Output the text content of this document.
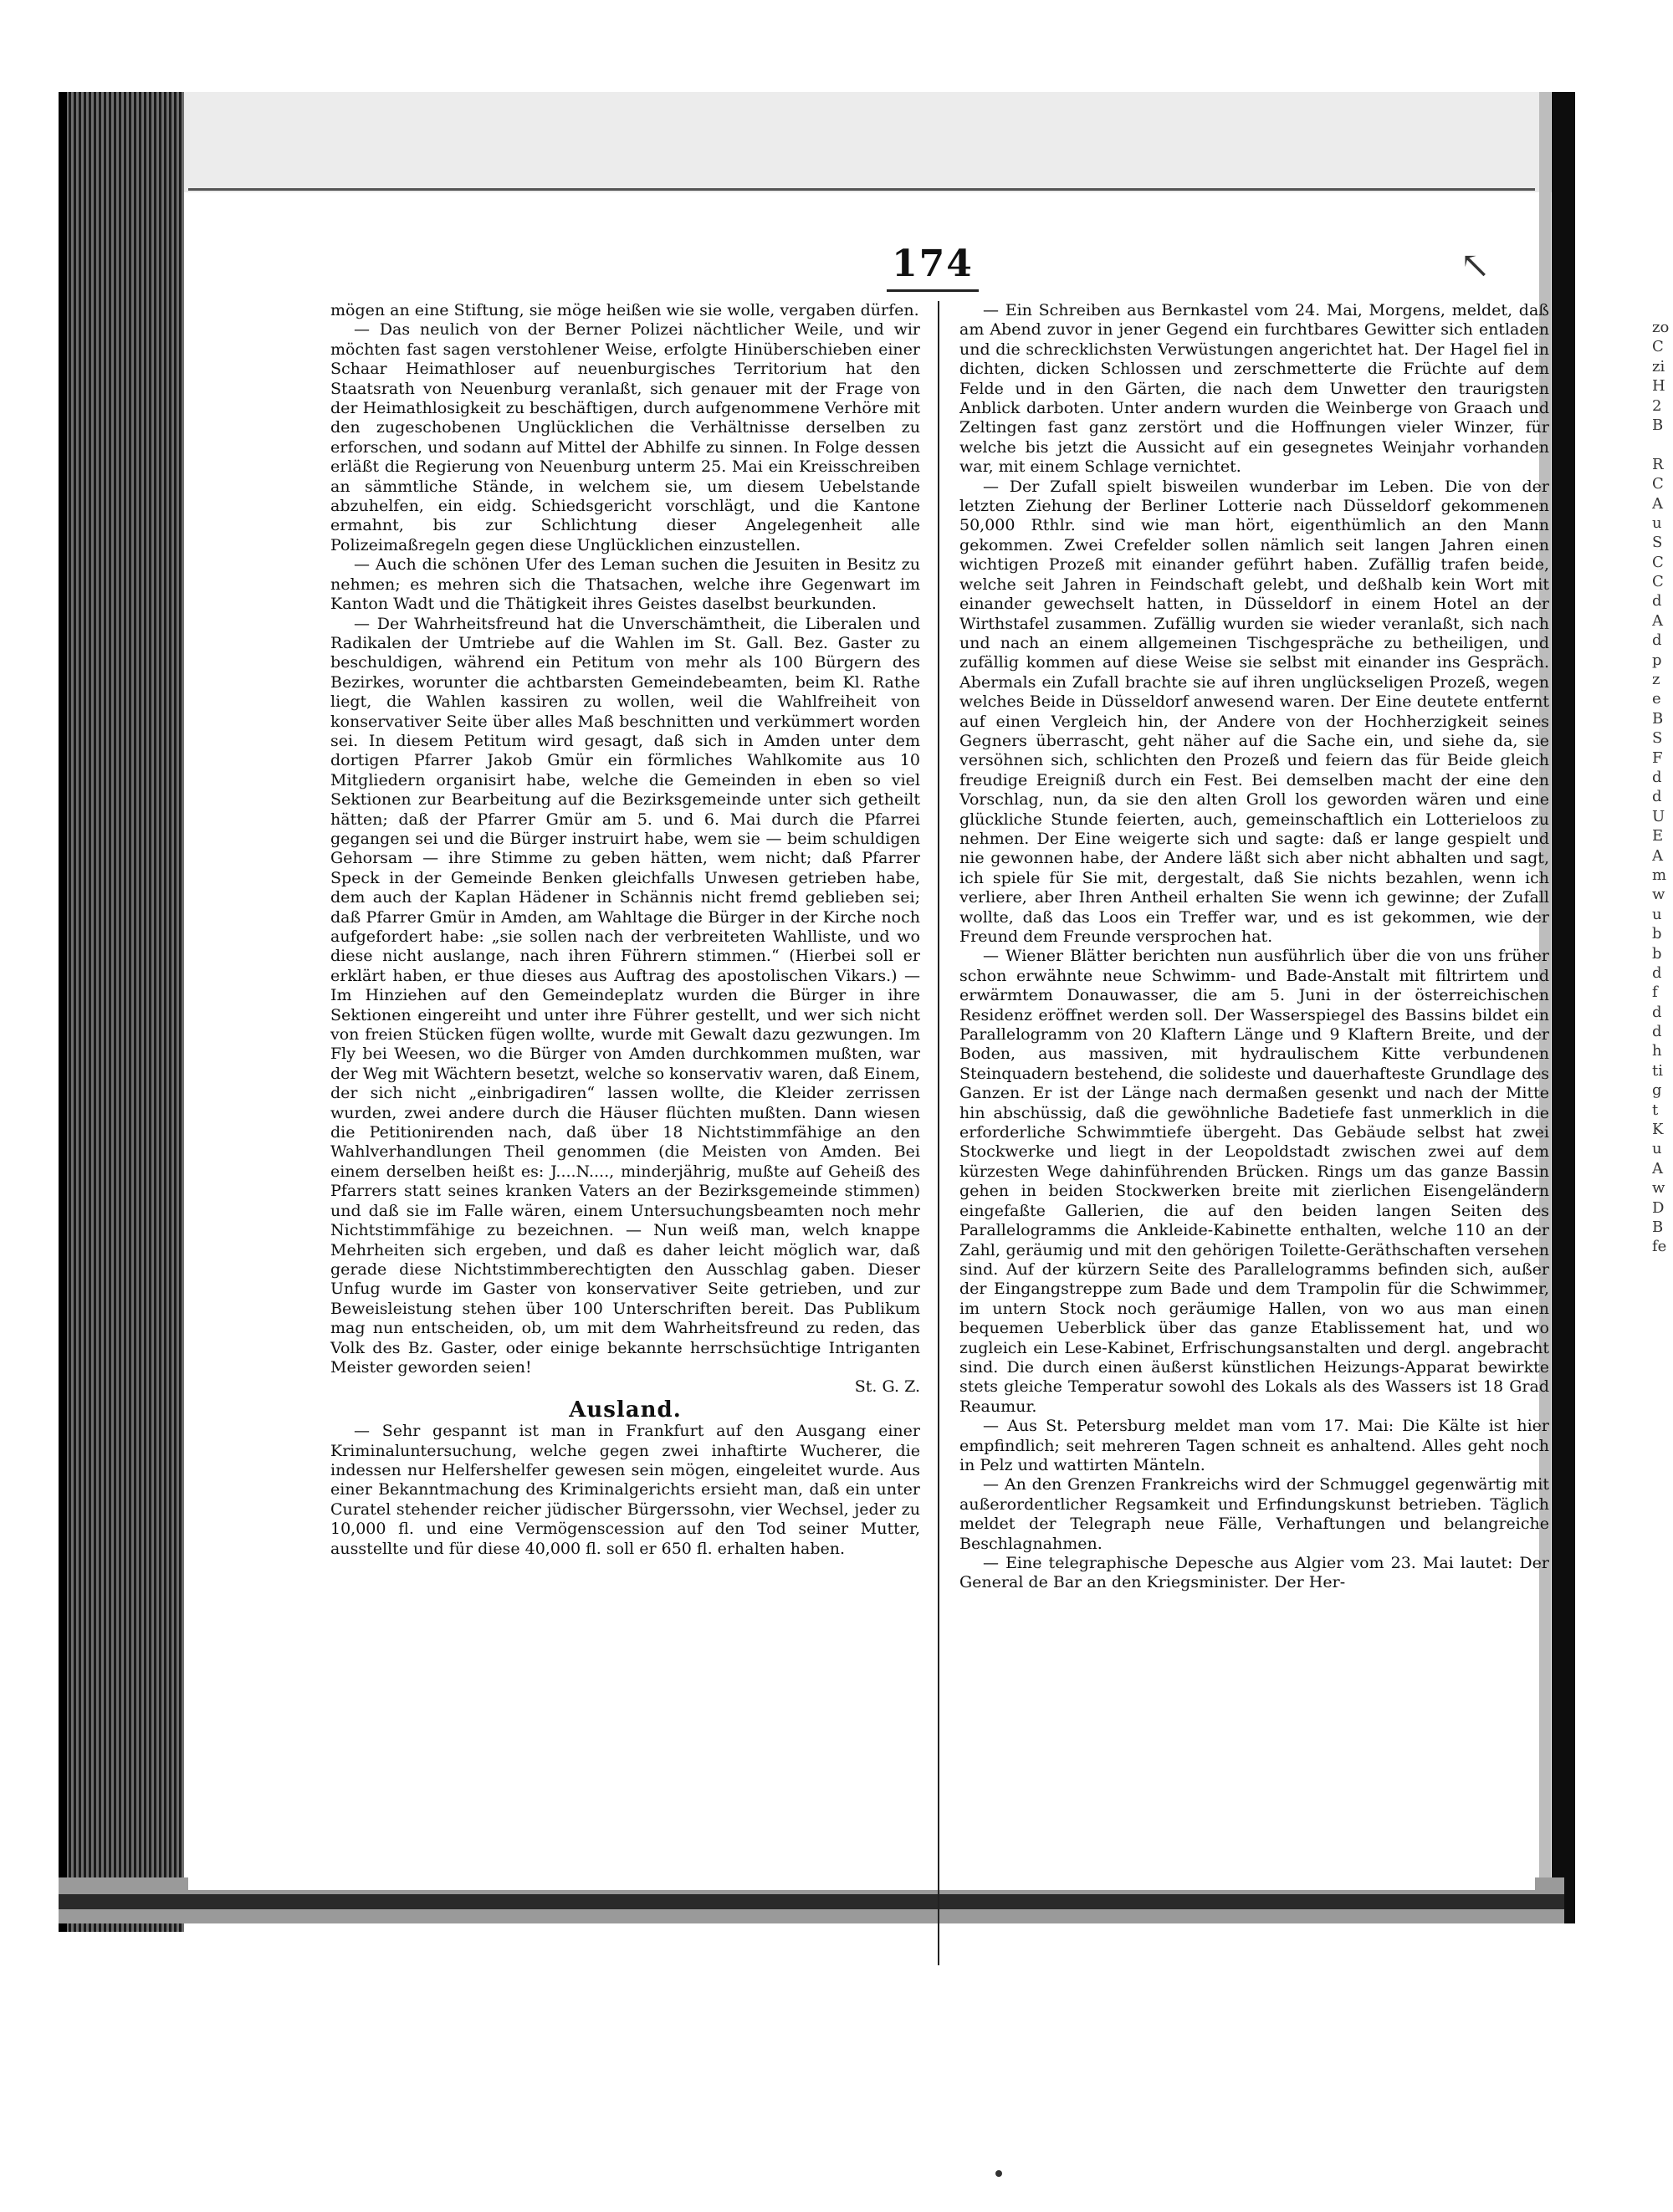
174	↖

mögen an eine Stiftung, sie möge heißen wie sie wolle, vergaben dürfen.

— Das neulich von der Berner Polizei nächtlicher Weile, und wir möchten fast sagen verstohlener Weise, erfolgte Hinüberschieben einer Schaar Heimathloser auf neuenburgisches Territorium hat den Staatsrath von Neuenburg veranlaßt, sich genauer mit der Frage von der Heimathlosigkeit zu beschäftigen, durch aufgenommene Verhöre mit den zugeschobenen Unglücklichen die Verhältnisse derselben zu erforschen, und sodann auf Mittel der Abhilfe zu sinnen. In Folge dessen erläßt die Regierung von Neuenburg unterm 25. Mai ein Kreisschreiben an sämmtliche Stände, in welchem sie, um diesem Uebelstande abzuhelfen, ein eidg. Schiedsgericht vorschlägt, und die Kantone ermahnt, bis zur Schlichtung dieser Angelegenheit alle Polizeimaßregeln gegen diese Unglücklichen einzustellen.

— Auch die schönen Ufer des Leman suchen die Jesuiten in Besitz zu nehmen; es mehren sich die Thatsachen, welche ihre Gegenwart im Kanton Wadt und die Thätigkeit ihres Geistes daselbst beurkunden.

— Der Wahrheitsfreund hat die Unverschämtheit, die Liberalen und Radikalen der Umtriebe auf die Wahlen im St. Gall. Bez. Gaster zu beschuldigen, während ein Petitum von mehr als 100 Bürgern des Bezirkes, worunter die achtbarsten Gemeindebeamten, beim Kl. Rathe liegt, die Wahlen kassiren zu wollen, weil die Wahlfreiheit von konservativer Seite über alles Maß beschnitten und verkümmert worden sei. In diesem Petitum wird gesagt, daß sich in Amden unter dem dortigen Pfarrer Jakob Gmür ein förmliches Wahlkomite aus 10 Mitgliedern organisirt habe, welche die Gemeinden in eben so viel Sektionen zur Bearbeitung auf die Bezirksgemeinde unter sich getheilt hätten; daß der Pfarrer Gmür am 5. und 6. Mai durch die Pfarrei gegangen sei und die Bürger instruirt habe, wem sie — beim schuldigen Gehorsam — ihre Stimme zu geben hätten, wem nicht; daß Pfarrer Speck in der Gemeinde Benken gleichfalls Unwesen getrieben habe, dem auch der Kaplan Hädener in Schännis nicht fremd geblieben sei; daß Pfarrer Gmür in Amden, am Wahltage die Bürger in der Kirche noch aufgefordert habe: „sie sollen nach der verbreiteten Wahlliste, und wo diese nicht auslange, nach ihren Führern stimmen.“ (Hierbei soll er erklärt haben, er thue dieses aus Auftrag des apostolischen Vikars.) — Im Hinziehen auf den Gemeindeplatz wurden die Bürger in ihre Sektionen eingereiht und unter ihre Führer gestellt, und wer sich nicht von freien Stücken fügen wollte, wurde mit Gewalt dazu gezwungen. Im Fly bei Weesen, wo die Bürger von Amden durchkommen mußten, war der Weg mit Wächtern besetzt, welche so konservativ waren, daß Einem, der sich nicht „einbrigadiren“ lassen wollte, die Kleider zerrissen wurden, zwei andere durch die Häuser flüchten mußten. Dann wiesen die Petitionirenden nach, daß über 18 Nichtstimmfähige an den Wahlverhandlungen Theil genommen (die Meisten von Amden. Bei einem derselben heißt es: J....N...., minderjährig, mußte auf Geheiß des Pfarrers statt seines kranken Vaters an der Bezirksgemeinde stimmen) und daß sie im Falle wären, einem Untersuchungsbeamten noch mehr Nichtstimmfähige zu bezeichnen. — Nun weiß man, welch knappe Mehrheiten sich ergeben, und daß es daher leicht möglich war, daß gerade diese Nichtstimmberechtigten den Ausschlag gaben. Dieser Unfug wurde im Gaster von konservativer Seite getrieben, und zur Beweisleistung stehen über 100 Unterschriften bereit. Das Publikum mag nun entscheiden, ob, um mit dem Wahrheitsfreund zu reden, das Volk des Bz. Gaster, oder einige bekannte herrschsüchtige Intriganten Meister geworden seien!

St. G. Z.

Ausland.

— Sehr gespannt ist man in Frankfurt auf den Ausgang einer Kriminaluntersuchung, welche gegen zwei inhaftirte Wucherer, die indessen nur Helfershelfer gewesen sein mögen, eingeleitet wurde. Aus einer Bekanntmachung des Kriminalgerichts ersieht man, daß ein unter Curatel stehender reicher jüdischer Bürgerssohn, vier Wechsel, jeder zu 10,000 fl. und eine Vermögenscession auf den Tod seiner Mutter, ausstellte und für diese 40,000 fl. soll er 650 fl. erhalten haben.

— Ein Schreiben aus Bernkastel vom 24. Mai, Morgens, meldet, daß am Abend zuvor in jener Gegend ein furchtbares Gewitter sich entladen und die schrecklichsten Verwüstungen angerichtet hat. Der Hagel fiel in dichten, dicken Schlossen und zerschmetterte die Früchte auf dem Felde und in den Gärten, die nach dem Unwetter den traurigsten Anblick darboten. Unter andern wurden die Weinberge von Graach und Zeltingen fast ganz zerstört und die Hoffnungen vieler Winzer, für welche bis jetzt die Aussicht auf ein gesegnetes Weinjahr vorhanden war, mit einem Schlage vernichtet.

— Der Zufall spielt bisweilen wunderbar im Leben. Die von der letzten Ziehung der Berliner Lotterie nach Düsseldorf gekommenen 50,000 Rthlr. sind wie man hört, eigenthümlich an den Mann gekommen. Zwei Crefelder sollen nämlich seit langen Jahren einen wichtigen Prozeß mit einander geführt haben. Zufällig trafen beide, welche seit Jahren in Feindschaft gelebt, und deßhalb kein Wort mit einander gewechselt hatten, in Düsseldorf in einem Hotel an der Wirthstafel zusammen. Zufällig wurden sie wieder veranlaßt, sich nach und nach an einem allgemeinen Tischgespräche zu betheiligen, und zufällig kommen auf diese Weise sie selbst mit einander ins Gespräch. Abermals ein Zufall brachte sie auf ihren unglückseligen Prozeß, wegen welches Beide in Düsseldorf anwesend waren. Der Eine deutete entfernt auf einen Vergleich hin, der Andere von der Hochherzigkeit seines Gegners überrascht, geht näher auf die Sache ein, und siehe da, sie versöhnen sich, schlichten den Prozeß und feiern das für Beide gleich freudige Ereigniß durch ein Fest. Bei demselben macht der eine den Vorschlag, nun, da sie den alten Groll los geworden wären und eine glückliche Stunde feierten, auch, gemeinschaftlich ein Lotterieloos zu nehmen. Der Eine weigerte sich und sagte: daß er lange gespielt und nie gewonnen habe, der Andere läßt sich aber nicht abhalten und sagt, ich spiele für Sie mit, dergestalt, daß Sie nichts bezahlen, wenn ich verliere, aber Ihren Antheil erhalten Sie wenn ich gewinne; der Zufall wollte, daß das Loos ein Treffer war, und es ist gekommen, wie der Freund dem Freunde versprochen hat.

— Wiener Blätter berichten nun ausführlich über die von uns früher schon erwähnte neue Schwimm- und Bade-Anstalt mit filtrirtem und erwärmtem Donauwasser, die am 5. Juni in der österreichischen Residenz eröffnet werden soll. Der Wasserspiegel des Bassins bildet ein Parallelogramm von 20 Klaftern Länge und 9 Klaftern Breite, und der Boden, aus massiven, mit hydraulischem Kitte verbundenen Steinquadern bestehend, die solideste und dauerhafteste Grundlage des Ganzen. Er ist der Länge nach dermaßen gesenkt und nach der Mitte hin abschüssig, daß die gewöhnliche Badetiefe fast unmerklich in die erforderliche Schwimmtiefe übergeht. Das Gebäude selbst hat zwei Stockwerke und liegt in der Leopoldstadt zwischen zwei auf dem kürzesten Wege dahinführenden Brücken. Rings um das ganze Bassin gehen in beiden Stockwerken breite mit zierlichen Eisengeländern eingefaßte Gallerien, die auf den beiden langen Seiten des Parallelogramms die Ankleide-Kabinette enthalten, welche 110 an der Zahl, geräumig und mit den gehörigen Toilette-Geräthschaften versehen sind. Auf der kürzern Seite des Parallelogramms befinden sich, außer der Eingangstreppe zum Bade und dem Trampolin für die Schwimmer, im untern Stock noch geräumige Hallen, von wo aus man einen bequemen Ueberblick über das ganze Etablissement hat, und wo zugleich ein Lese-Kabinet, Erfrischungsanstalten und dergl. angebracht sind. Die durch einen äußerst künstlichen Heizungs-Apparat bewirkte stets gleiche Temperatur sowohl des Lokals als des Wassers ist 18 Grad Reaumur.

— Aus St. Petersburg meldet man vom 17. Mai: Die Kälte ist hier empfindlich; seit mehreren Tagen schneit es anhaltend. Alles geht noch in Pelz und wattirten Mänteln.

— An den Grenzen Frankreichs wird der Schmuggel gegenwärtig mit außerordentlicher Regsamkeit und Erfindungskunst betrieben. Täglich meldet der Telegraph neue Fälle, Verhaftungen und belangreiche Beschlagnahmen.

— Eine telegraphische Depesche aus Algier vom 23. Mai lautet: Der General de Bar an den Kriegsminister. Der Her-

zo
C
zi
H
2
B
R
C
A
u
S
C
C
d
A
d
p
z
e
B
S
F
d
d
U
E
A
m
w
u
b
b
d
f
d
d
h
ti
g
t
K
u
A
w
D
B
fe
